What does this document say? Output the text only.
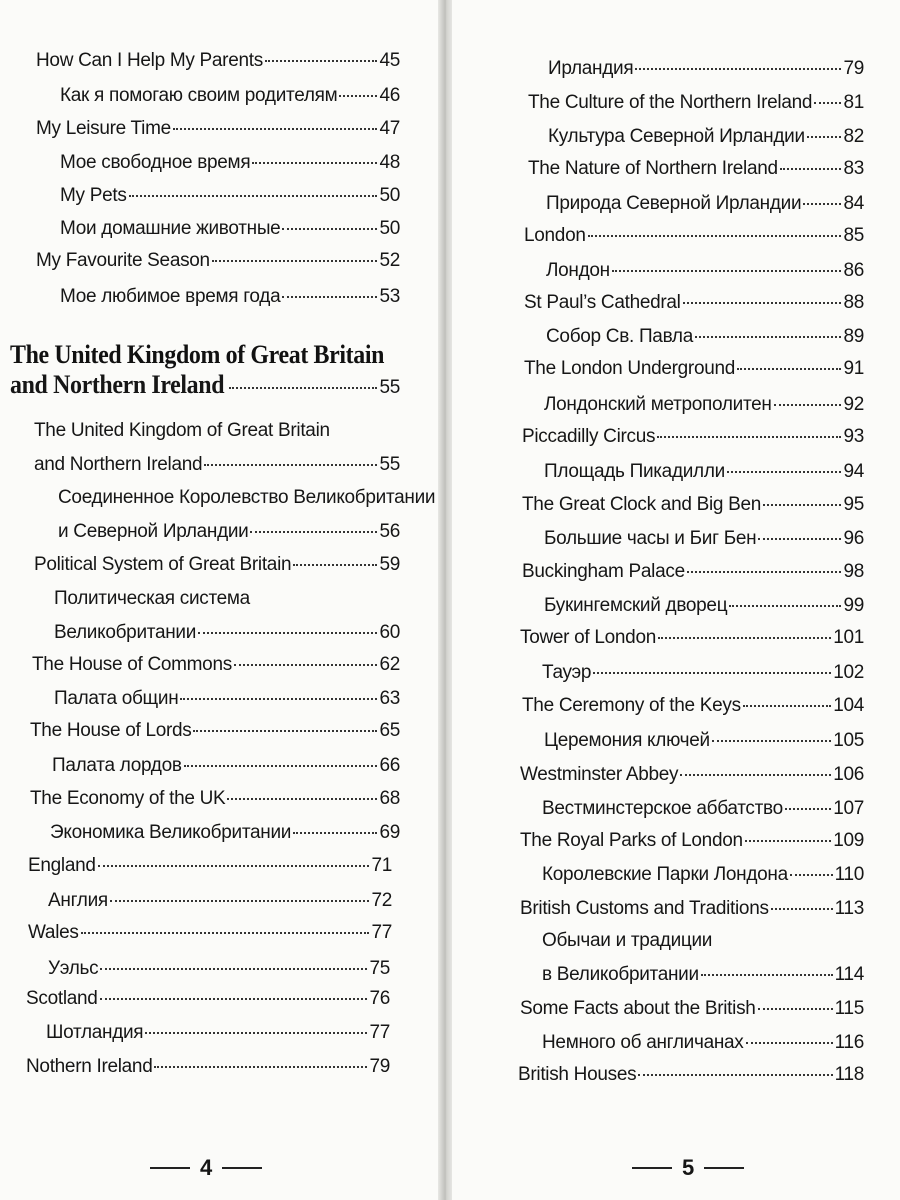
How Can I Help My Parents	45
Как я помогаю своим родителям 46
My Leisure Time	47
Мое свободное время	48
My Pets	50
Мои домашние животные	50
My Favourite Season	52
Мое любимое время года	53
The United Kingdom of Great Britain
and Northern Ireland	55
The United Kingdom of Great Britain
and Northern Ireland	55
Соединенное Королевство Великобритании
и Северной Ирландии	56
Political System of Great Britain	59
Политическая система
Великобритании	60
The House of Commons	62
Палата общин	63
The House of Lords	65
Палата лордов	66
The Economy of the UK	68
Экономика Великобритании	69
England	71
Англия	72
Wales	77
Уэльс	75
Scotland	76
Шотландия	77
Nothern Ireland	79
4
Ирландия	79
The Culture of the Northern Ireland 81
Культура Северной Ирландии 82
The Nature of Northern Ireland	83
Природа Северной Ирландии 84
London	85
Лондон	86
St Paul’s Cathedral	88
Собор Св. Павла	89
The London Underground	91
Лондонский метрополитен	92
Piccadilly Circus	93
Площадь Пикадилли	94
The Great Clock and Big Ben	95
Большие часы и Биг Бен	96
Buckingham Palace	98
Букингемский дворец	99
Tower of London	101
Тауэр	102
The Ceremony of the Keys	104
Церемония ключей	105
Westminster Abbey	106
Вестминстерское аббатство	107
The Royal Parks of London	109
Королевские Парки Лондона 110
British Customs and Traditions	113
Обычаи и традиции
в Великобритании	114
Some Facts about the British	115
Немного об англичанах	116
British Houses	118
5
